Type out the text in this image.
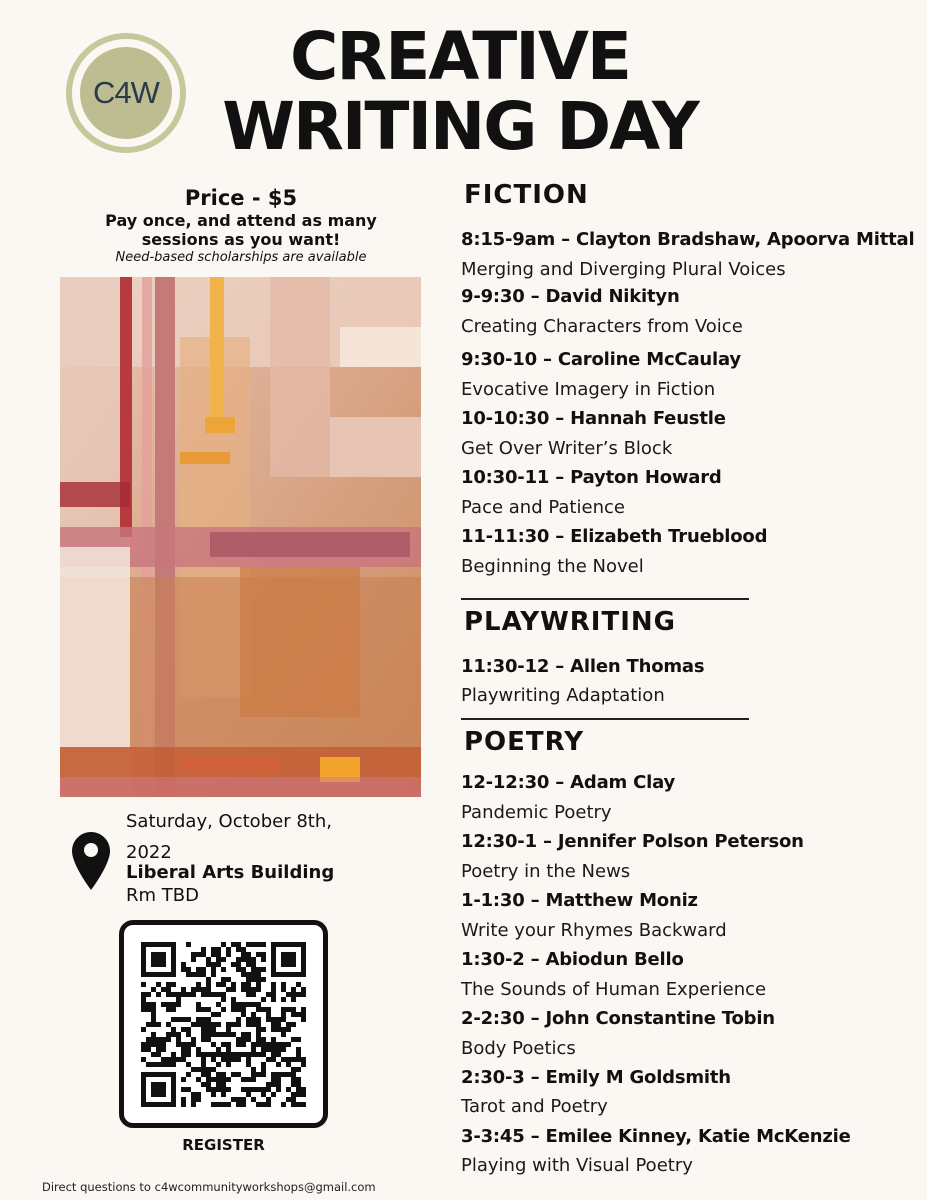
C4W	CREATIVE
WRITING DAY
Price - $5
Pay once, and attend as many
sessions as you want!
Need-based scholarships are available
Saturday, October 8th,
2022
Liberal Arts Building
Rm TBD
REGISTER
Direct questions to c4wcommunityworkshops@gmail.com
FICTION
8:15-9am – Clayton Bradshaw, Apoorva Mittal
Merging and Diverging Plural Voices
9-9:30 – David Nikityn
Creating Characters from Voice
9:30-10 – Caroline McCaulay
Evocative Imagery in Fiction
10-10:30 – Hannah Feustle
Get Over Writer’s Block
10:30-11 – Payton Howard
Pace and Patience
11-11:30 – Elizabeth Trueblood
Beginning the Novel
PLAYWRITING
11:30-12 – Allen Thomas
Playwriting Adaptation
POETRY
12-12:30 – Adam Clay
Pandemic Poetry
12:30-1 – Jennifer Polson Peterson
Poetry in the News
1-1:30 – Matthew Moniz
Write your Rhymes Backward
1:30-2 – Abiodun Bello
The Sounds of Human Experience
2-2:30 – John Constantine Tobin
Body Poetics
2:30-3 – Emily M Goldsmith
Tarot and Poetry
3-3:45 – Emilee Kinney, Katie McKenzie
Playing with Visual Poetry
